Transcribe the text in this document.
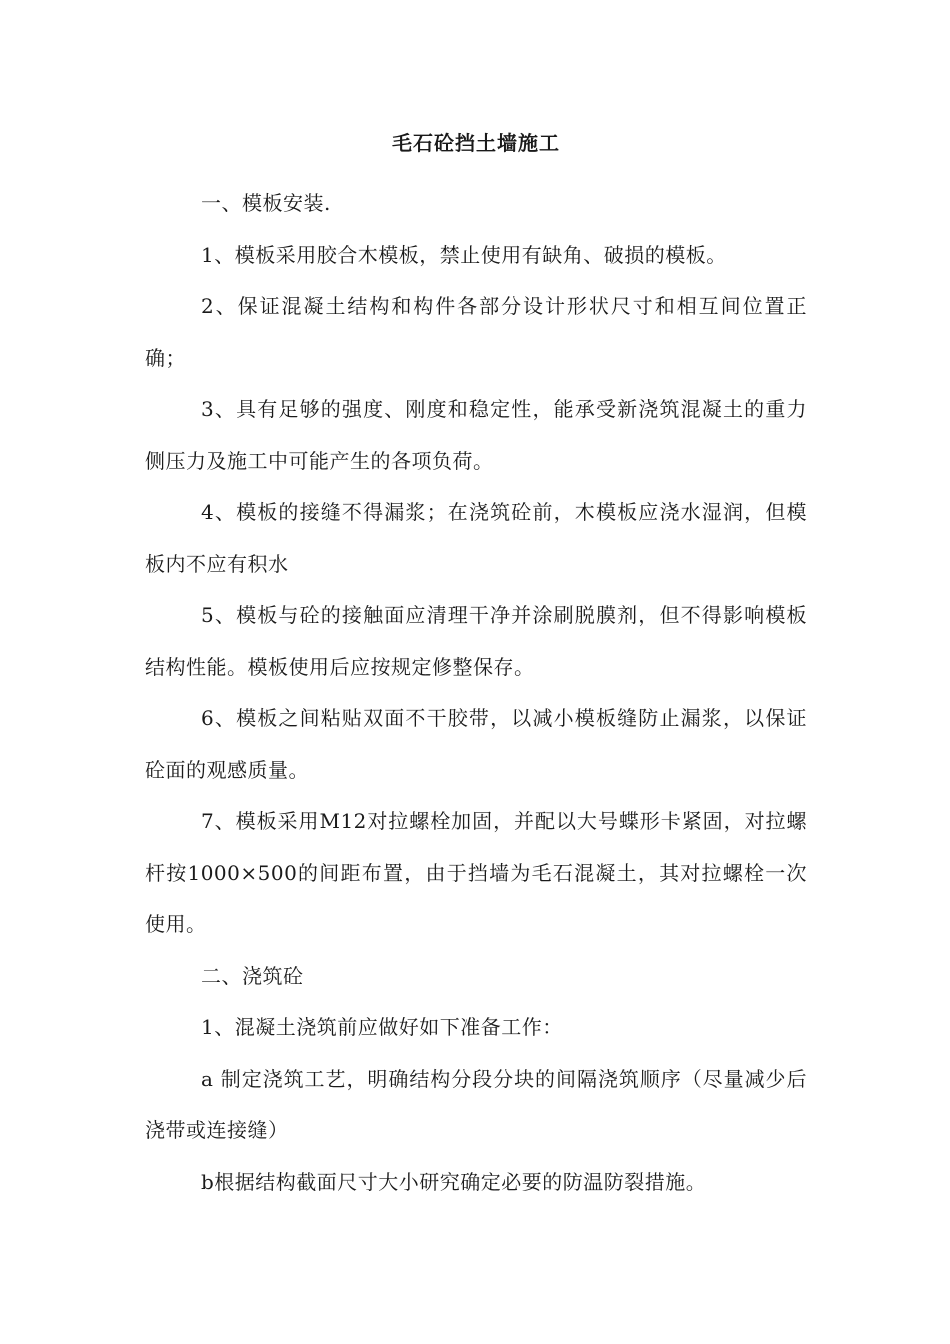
毛石砼挡土墙施工

一、模板安装.

1、模板采用胶合木模板，禁止使用有缺角、破损的模板。

2、保证混凝土结构和构件各部分设计形状尺寸和相互间位置正确；

3、具有足够的强度、刚度和稳定性，能承受新浇筑混凝土的重力侧压力及施工中可能产生的各项负荷。

4、模板的接缝不得漏浆；在浇筑砼前，木模板应浇水湿润，但模板内不应有积水

5、模板与砼的接触面应清理干净并涂刷脱膜剂，但不得影响模板结构性能。模板使用后应按规定修整保存。

6、模板之间粘贴双面不干胶带，以减小模板缝防止漏浆，以保证砼面的观感质量。

7、模板采用M12对拉螺栓加固，并配以大号蝶形卡紧固，对拉螺杆按1000×500的间距布置，由于挡墙为毛石混凝土，其对拉螺栓一次使用。

二、浇筑砼

1、混凝土浇筑前应做好如下准备工作：

a 制定浇筑工艺，明确结构分段分块的间隔浇筑顺序（尽量减少后浇带或连接缝）

b根据结构截面尺寸大小研究确定必要的防温防裂措施。
